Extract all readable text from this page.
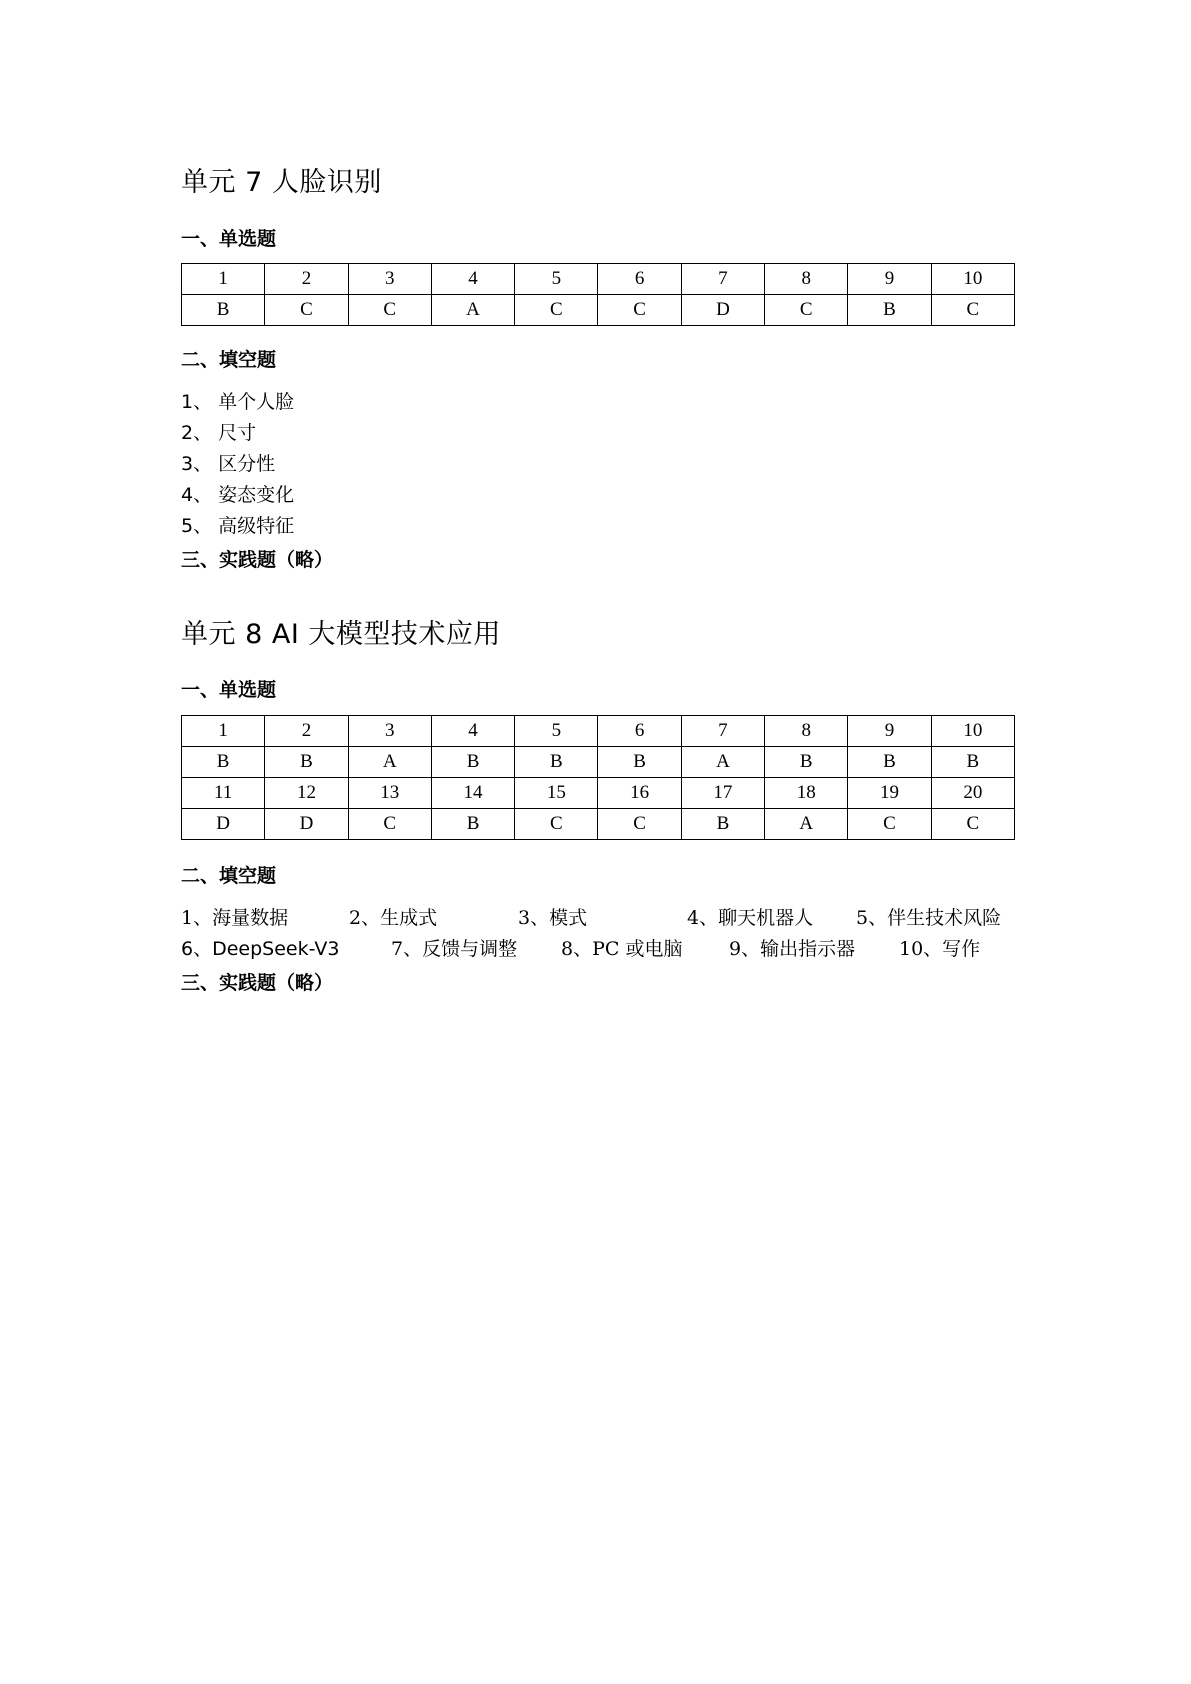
单元 7 人脸识别
一、单选题
1	2	3	4	5	6	7	8	9	10
B	C	C	A	C	C	D	C	B	C
二、填空题
1、 单个人脸
2、 尺寸
3、 区分性
4、 姿态变化
5、 高级特征
三、实践题（略）
单元 8 AI 大模型技术应用
一、单选题
1	2	3	4	5	6	7	8	9	10
B	B	A	B	B	B	A	B	B	B
11	12	13	14	15	16	17	18	19	20
D	D	C	B	C	C	B	A	C	C
二、填空题
1、海量数据	2、生成式	3、模式	4、聊天机器人 5、伴生技术风险
6、DeepSeek-V3	7、反馈与调整 8、PC 或电脑 9、输出指示器 10、写作
三、实践题（略）
